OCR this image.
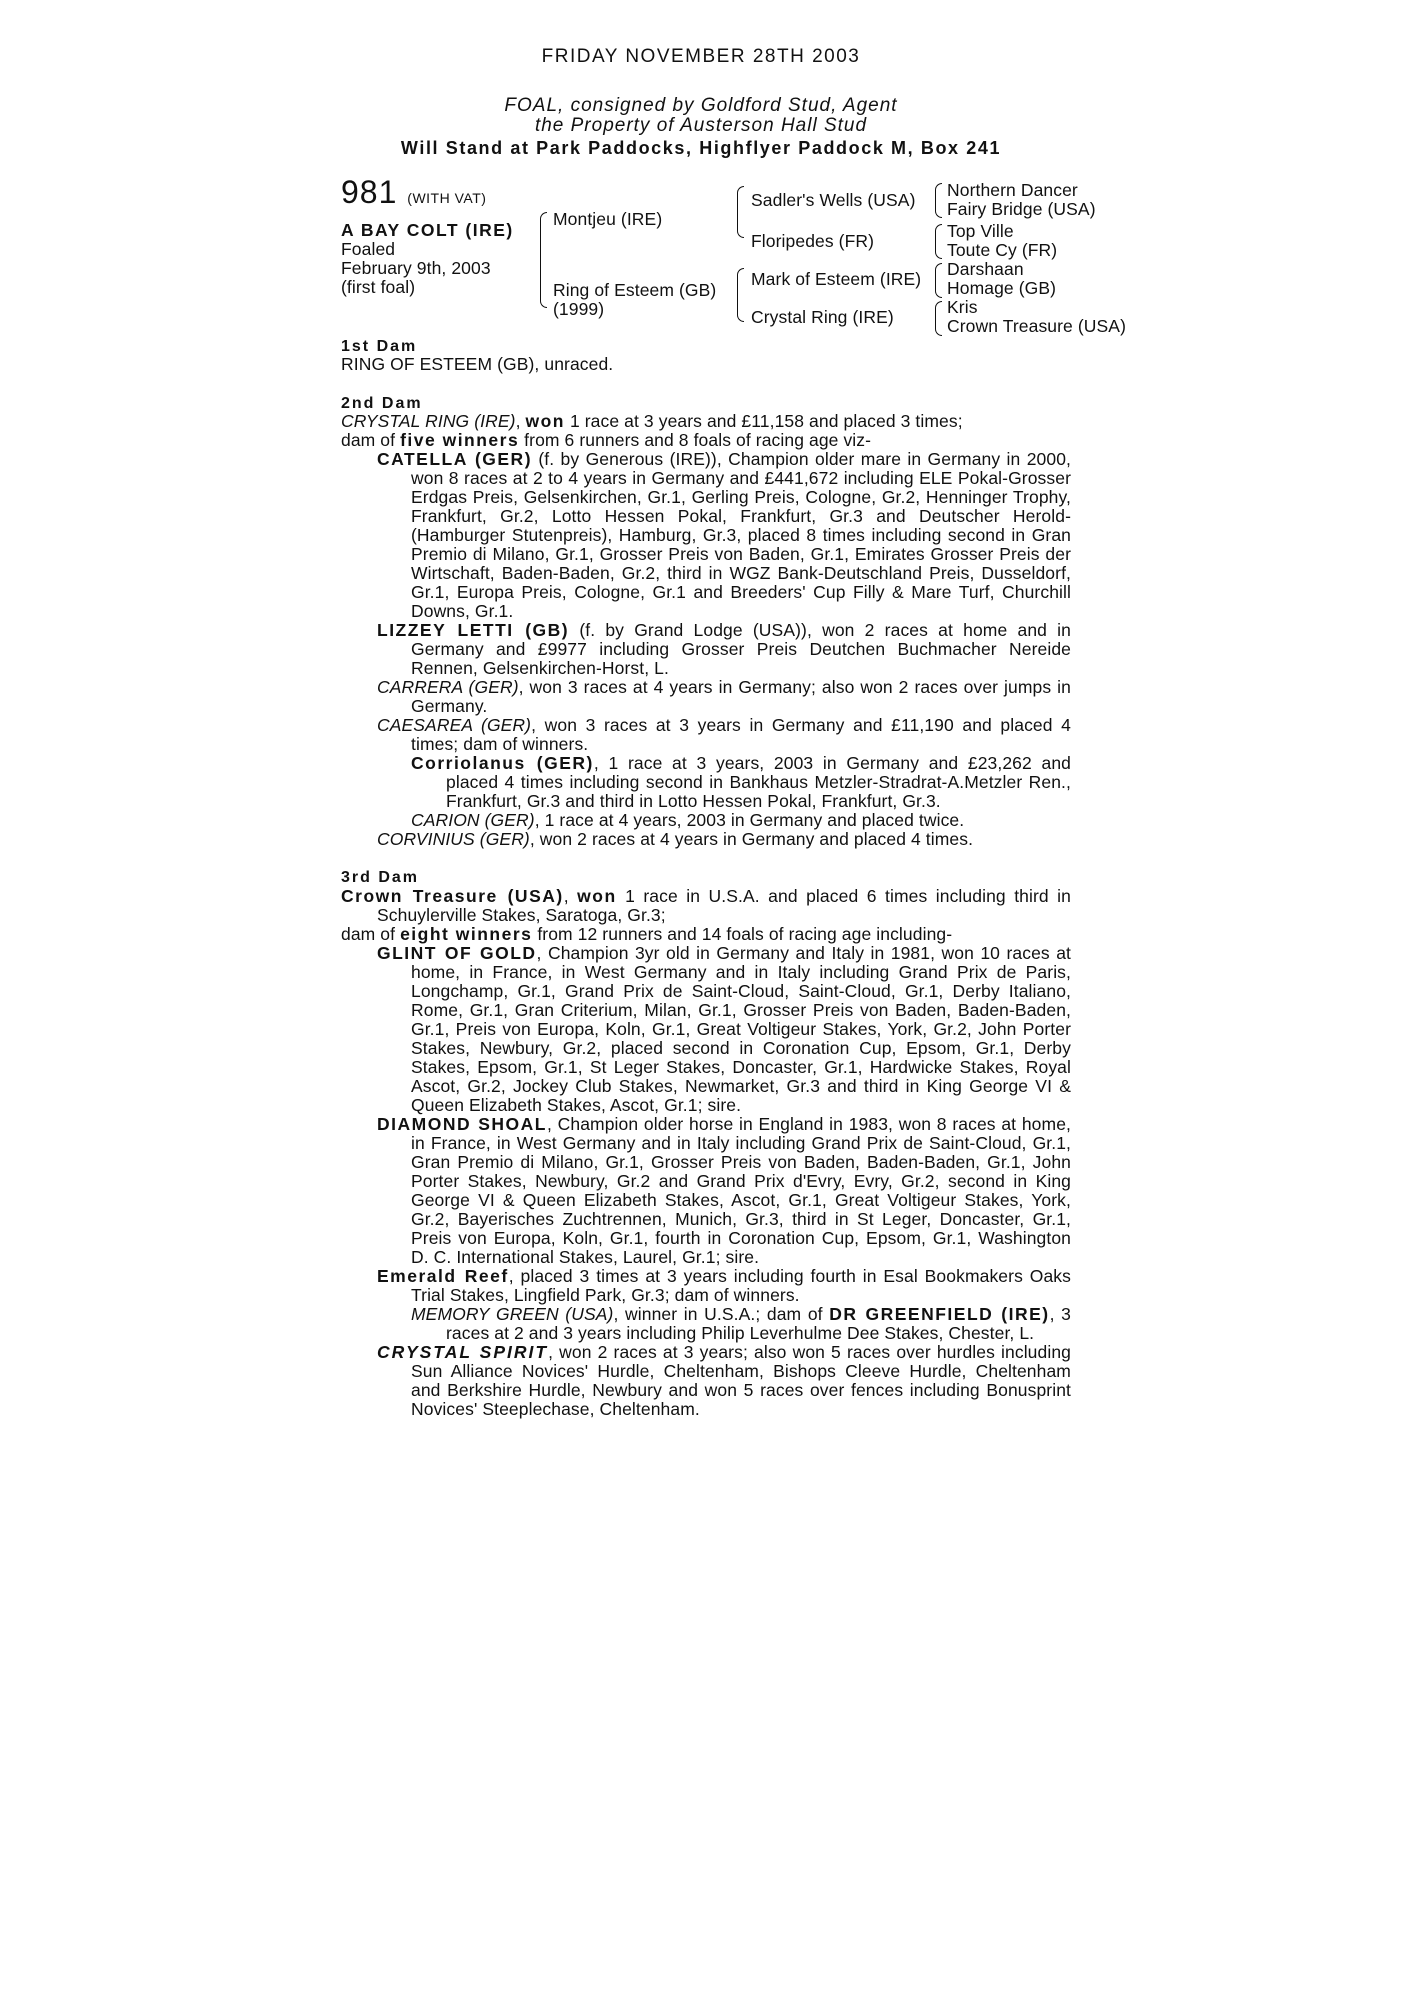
FRIDAY NOVEMBER 28TH 2003
FOAL, consigned by Goldford Stud, Agent
the Property of Austerson Hall Stud
Will Stand at Park Paddocks, Highflyer Paddock M, Box 241
981 (WITH VAT)
A BAY COLT (IRE)
Foaled
February 9th, 2003
(first foal)
Montjeu (IRE)
Ring of Esteem (GB)
(1999)
Sadler's Wells (USA)
Floripedes (FR)
Mark of Esteem (IRE)
Crystal Ring (IRE)
Northern Dancer
Fairy Bridge (USA)
Top Ville
Toute Cy (FR)
Darshaan
Homage (GB)
Kris
Crown Treasure (USA)
1st Dam
RING OF ESTEEM (GB), unraced.
2nd Dam

CRYSTAL RING (IRE), won 1 race at 3 years and £11,158 and placed 3 times;

dam of five winners from 6 runners and 8 foals of racing age viz-

CATELLA (GER) (f. by Generous (IRE)), Champion older mare in Germany in 2000, won 8 races at 2 to 4 years in Germany and £441,672 including ELE Pokal-Grosser Erdgas Preis, Gelsenkirchen, Gr.1, Gerling Preis, Cologne, Gr.2, Henninger Trophy, Frankfurt, Gr.2, Lotto Hessen Pokal, Frankfurt, Gr.3 and Deutscher Herold-(Hamburger Stutenpreis), Hamburg, Gr.3, placed 8 times including second in Gran Premio di Milano, Gr.1, Grosser Preis von Baden, Gr.1, Emirates Grosser Preis der Wirtschaft, Baden-Baden, Gr.2, third in WGZ Bank-Deutschland Preis, Dusseldorf, Gr.1, Europa Preis, Cologne, Gr.1 and Breeders' Cup Filly & Mare Turf, Churchill Downs, Gr.1.

LIZZEY LETTI (GB) (f. by Grand Lodge (USA)), won 2 races at home and in Germany and £9977 including Grosser Preis Deutchen Buchmacher Nereide Rennen, Gelsenkirchen-Horst, L.

CARRERA (GER), won 3 races at 4 years in Germany; also won 2 races over jumps in Germany.

CAESAREA (GER), won 3 races at 3 years in Germany and £11,190 and placed 4 times; dam of winners.

Corriolanus (GER), 1 race at 3 years, 2003 in Germany and £23,262 and placed 4 times including second in Bankhaus Metzler-Stradrat-A.Metzler Ren., Frankfurt, Gr.3 and third in Lotto Hessen Pokal, Frankfurt, Gr.3.

CARION (GER), 1 race at 4 years, 2003 in Germany and placed twice.

CORVINIUS (GER), won 2 races at 4 years in Germany and placed 4 times.

3rd Dam

Crown Treasure (USA), won 1 race in U.S.A. and placed 6 times including third in Schuylerville Stakes, Saratoga, Gr.3;

dam of eight winners from 12 runners and 14 foals of racing age including-

GLINT OF GOLD, Champion 3yr old in Germany and Italy in 1981, won 10 races at home, in France, in West Germany and in Italy including Grand Prix de Paris, Longchamp, Gr.1, Grand Prix de Saint-Cloud, Saint-Cloud, Gr.1, Derby Italiano, Rome, Gr.1, Gran Criterium, Milan, Gr.1, Grosser Preis von Baden, Baden-Baden, Gr.1, Preis von Europa, Koln, Gr.1, Great Voltigeur Stakes, York, Gr.2, John Porter Stakes, Newbury, Gr.2, placed second in Coronation Cup, Epsom, Gr.1, Derby Stakes, Epsom, Gr.1, St Leger Stakes, Doncaster, Gr.1, Hardwicke Stakes, Royal Ascot, Gr.2, Jockey Club Stakes, Newmarket, Gr.3 and third in King George VI & Queen Elizabeth Stakes, Ascot, Gr.1; sire.

DIAMOND SHOAL, Champion older horse in England in 1983, won 8 races at home, in France, in West Germany and in Italy including Grand Prix de Saint-Cloud, Gr.1, Gran Premio di Milano, Gr.1, Grosser Preis von Baden, Baden-Baden, Gr.1, John Porter Stakes, Newbury, Gr.2 and Grand Prix d'Evry, Evry, Gr.2, second in King George VI & Queen Elizabeth Stakes, Ascot, Gr.1, Great Voltigeur Stakes, York, Gr.2, Bayerisches Zuchtrennen, Munich, Gr.3, third in St Leger, Doncaster, Gr.1, Preis von Europa, Koln, Gr.1, fourth in Coronation Cup, Epsom, Gr.1, Washington D. C. International Stakes, Laurel, Gr.1; sire.

Emerald Reef, placed 3 times at 3 years including fourth in Esal Bookmakers Oaks Trial Stakes, Lingfield Park, Gr.3; dam of winners.

MEMORY GREEN (USA), winner in U.S.A.; dam of DR GREENFIELD (IRE), 3 races at 2 and 3 years including Philip Leverhulme Dee Stakes, Chester, L.

CRYSTAL SPIRIT, won 2 races at 3 years; also won 5 races over hurdles including Sun Alliance Novices' Hurdle, Cheltenham, Bishops Cleeve Hurdle, Cheltenham and Berkshire Hurdle, Newbury and won 5 races over fences including Bonusprint Novices' Steeplechase, Cheltenham.
